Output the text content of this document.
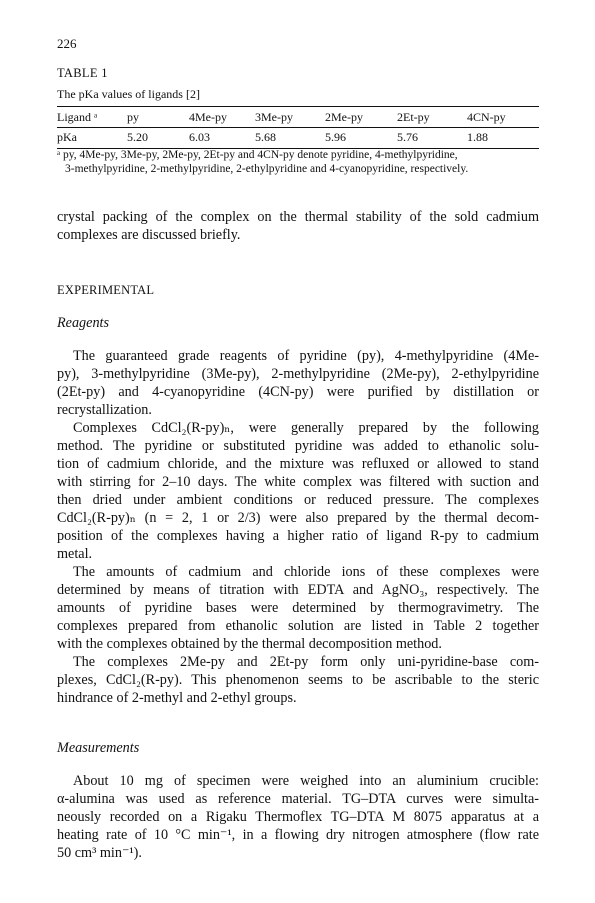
226
TABLE 1
The pKa values of ligands [2]
Ligand ᵃ	py	4Me-py	3Me-py	2Me-py	2Et-py	4CN-py
pKa	5.20	6.03	5.68	5.96	5.76	1.88
ᵃ py, 4Me-py, 3Me-py, 2Me-py, 2Et-py and 4CN-py denote pyridine, 4-methylpyridine,
3-methylpyridine, 2-methylpyridine, 2-ethylpyridine and 4-cyanopyridine, respectively.
crystal packing of the complex on the thermal stability of the sold cadmium
complexes are discussed briefly.
EXPERIMENTAL
Reagents
The guaranteed grade reagents of pyridine (py), 4-methylpyridine (4Me-
py), 3-methylpyridine (3Me-py), 2-methylpyridine (2Me-py), 2-ethylpyridine
(2Et-py) and 4-cyanopyridine (4CN-py) were purified by distillation or
recrystallization.
Complexes CdCl₂(R-py)ₙ, were generally prepared by the following
method. The pyridine or substituted pyridine was added to ethanolic solu-
tion of cadmium chloride, and the mixture was refluxed or allowed to stand
with stirring for 2–10 days. The white complex was filtered with suction and
then dried under ambient conditions or reduced pressure. The complexes
CdCl₂(R-py)ₙ (n = 2, 1 or 2/3) were also prepared by the thermal decom-
position of the complexes having a higher ratio of ligand R-py to cadmium
metal.
The amounts of cadmium and chloride ions of these complexes were
determined by means of titration with EDTA and AgNO₃, respectively. The
amounts of pyridine bases were determined by thermogravimetry. The
complexes prepared from ethanolic solution are listed in Table 2 together
with the complexes obtained by the thermal decomposition method.
The complexes 2Me-py and 2Et-py form only uni-pyridine-base com-
plexes, CdCl₂(R-py). This phenomenon seems to be ascribable to the steric
hindrance of 2-methyl and 2-ethyl groups.
Measurements
About 10 mg of specimen were weighed into an aluminium crucible:
α-alumina was used as reference material. TG–DTA curves were simulta-
neously recorded on a Rigaku Thermoflex TG–DTA M 8075 apparatus at a
heating rate of 10 °C min⁻¹, in a flowing dry nitrogen atmosphere (flow rate
50 cm³ min⁻¹).
